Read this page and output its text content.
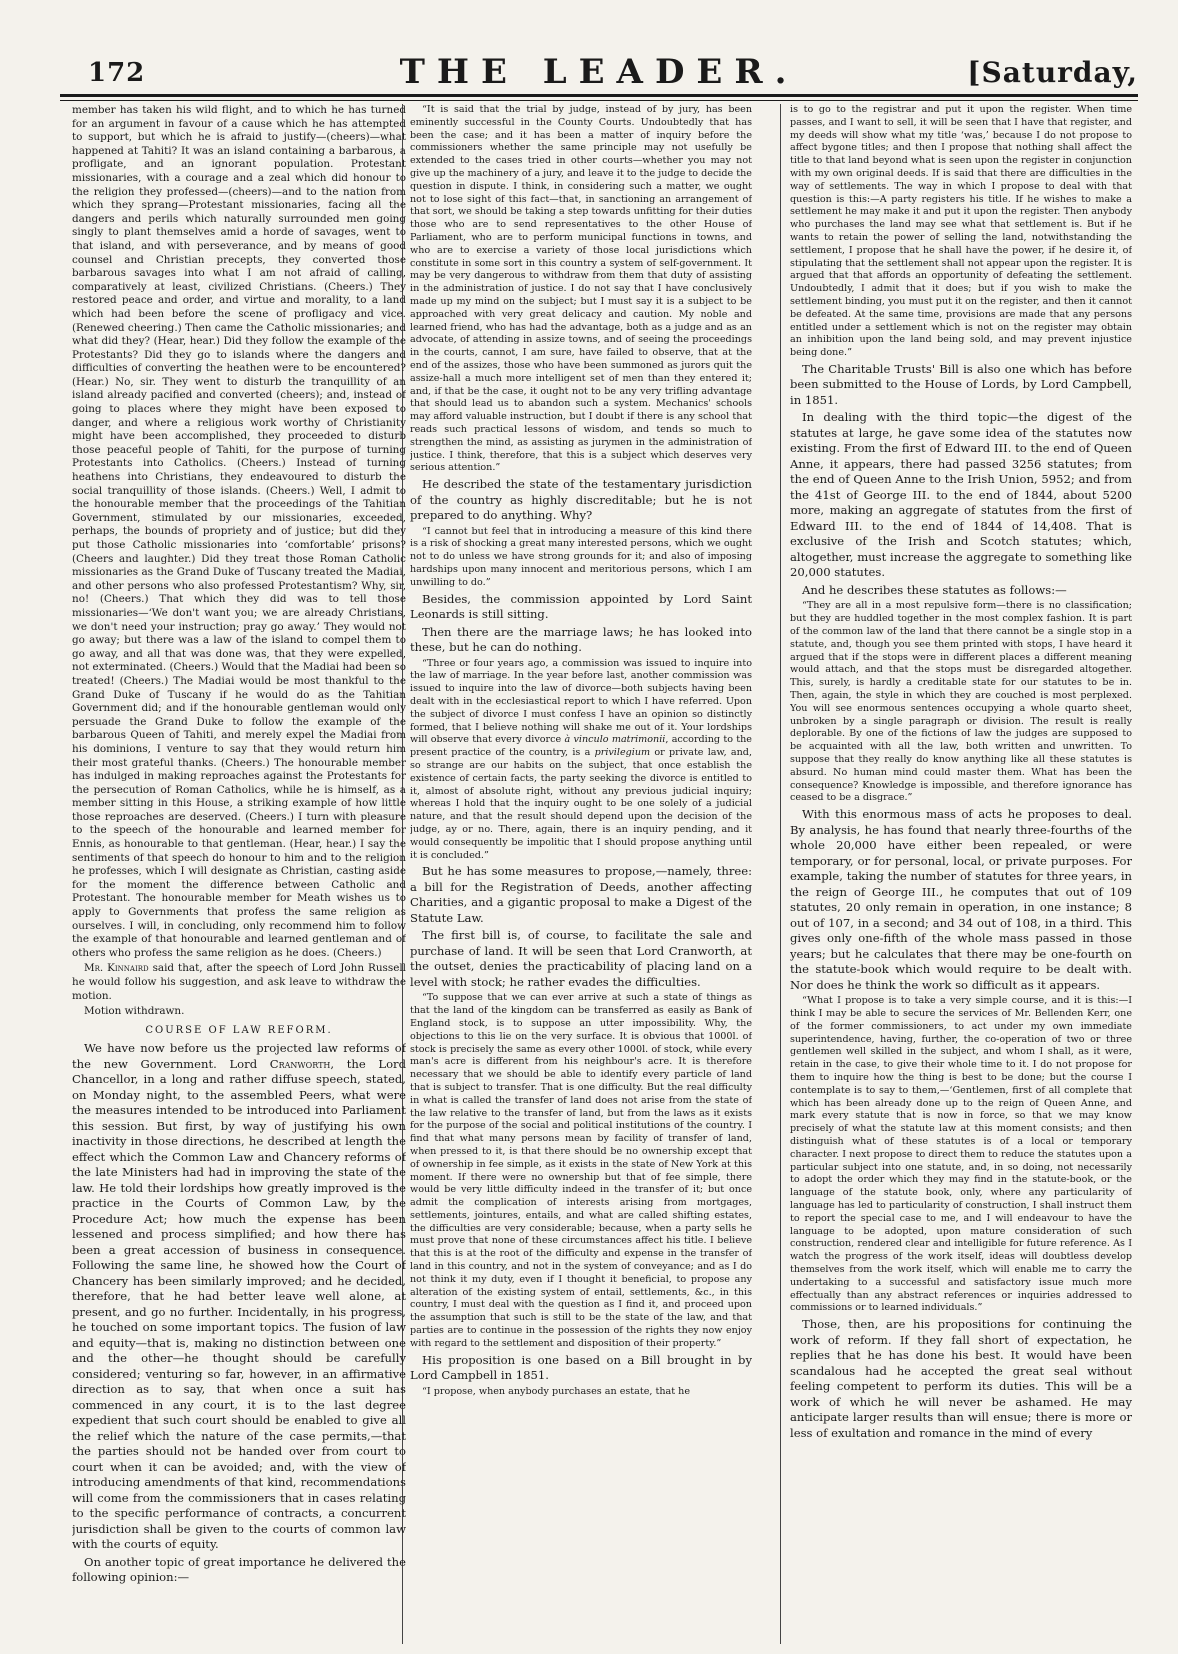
172	THE LEADER.	[Saturday,

member has taken his wild flight, and to which he has turned for an argument in favour of a cause which he has attempted to support, but which he is afraid to justify—(cheers)—what happened at Tahiti? It was an island containing a barbarous, a profligate, and an ignorant population. Protestant missionaries, with a courage and a zeal which did honour to the religion they professed—(cheers)—and to the nation from which they sprang—Protestant missionaries, facing all the dangers and perils which naturally surrounded men going singly to plant themselves amid a horde of savages, went to that island, and with perseverance, and by means of good counsel and Christian precepts, they converted those barbarous savages into what I am not afraid of calling, comparatively at least, civilized Christians. (Cheers.) They restored peace and order, and virtue and morality, to a land which had been before the scene of profligacy and vice. (Renewed cheering.) Then came the Catholic missionaries; and what did they? (Hear, hear.) Did they follow the example of the Protestants? Did they go to islands where the dangers and difficulties of converting the heathen were to be encountered? (Hear.) No, sir. They went to disturb the tranquillity of an island already pacified and converted (cheers); and, instead of going to places where they might have been exposed to danger, and where a religious work worthy of Christianity might have been accomplished, they proceeded to disturb those peaceful people of Tahiti, for the purpose of turning Protestants into Catholics. (Cheers.) Instead of turning heathens into Christians, they endeavoured to disturb the social tranquillity of those islands. (Cheers.) Well, I admit to the honourable member that the proceedings of the Tahitian Government, stimulated by our missionaries, exceeded, perhaps, the bounds of propriety and of justice; but did they put those Catholic missionaries into ‘comfortable’ prisons? (Cheers and laughter.) Did they treat those Roman Catholic missionaries as the Grand Duke of Tuscany treated the Madiai, and other persons who also professed Protestantism? Why, sir, no! (Cheers.) That which they did was to tell those missionaries—‘We don't want you; we are already Christians, we don't need your instruction; pray go away.’ They would not go away; but there was a law of the island to compel them to go away, and all that was done was, that they were expelled, not exterminated. (Cheers.) Would that the Madiai had been so treated! (Cheers.) The Madiai would be most thankful to the Grand Duke of Tuscany if he would do as the Tahitian Government did; and if the honourable gentleman would only persuade the Grand Duke to follow the example of the barbarous Queen of Tahiti, and merely expel the Madiai from his dominions, I venture to say that they would return him their most grateful thanks. (Cheers.) The honourable member has indulged in making reproaches against the Protestants for the persecution of Roman Catholics, while he is himself, as a member sitting in this House, a striking example of how little those reproaches are deserved. (Cheers.) I turn with pleasure to the speech of the honourable and learned member for Ennis, as honourable to that gentleman. (Hear, hear.) I say the sentiments of that speech do honour to him and to the religion he professes, which I will designate as Christian, casting aside for the moment the difference between Catholic and Protestant. The honourable member for Meath wishes us to apply to Governments that profess the same religion as ourselves. I will, in concluding, only recommend him to follow the example of that honourable and learned gentleman and of others who profess the same religion as he does. (Cheers.)

Mr. Kinnaird said that, after the speech of Lord John Russell he would follow his suggestion, and ask leave to withdraw the motion.

Motion withdrawn.

COURSE OF LAW REFORM.

We have now before us the projected law reforms of the new Government. Lord Cranworth, the Lord Chancellor, in a long and rather diffuse speech, stated, on Monday night, to the assembled Peers, what were the measures intended to be introduced into Parliament this session. But first, by way of justifying his own inactivity in those directions, he described at length the effect which the Common Law and Chancery reforms of the late Ministers had had in improving the state of the law. He told their lordships how greatly improved is the practice in the Courts of Common Law, by the Procedure Act; how much the expense has been lessened and process simplified; and how there has been a great accession of business in consequence. Following the same line, he showed how the Court of Chancery has been similarly improved; and he decided, therefore, that he had better leave well alone, at present, and go no further. Incidentally, in his progress, he touched on some important topics. The fusion of law and equity—that is, making no distinction between one and the other—he thought should be carefully considered; venturing so far, however, in an affirmative direction as to say, that when once a suit has commenced in any court, it is to the last degree expedient that such court should be enabled to give all the relief which the nature of the case permits,—that the parties should not be handed over from court to court when it can be avoided; and, with the view of introducing amendments of that kind, recommendations will come from the commissioners that in cases relating to the specific performance of contracts, a concurrent jurisdiction shall be given to the courts of common law with the courts of equity.

On another topic of great importance he delivered the following opinion:—

“It is said that the trial by judge, instead of by jury, has been eminently successful in the County Courts. Undoubtedly that has been the case; and it has been a matter of inquiry before the commissioners whether the same principle may not usefully be extended to the cases tried in other courts—whether you may not give up the machinery of a jury, and leave it to the judge to decide the question in dispute. I think, in considering such a matter, we ought not to lose sight of this fact—that, in sanctioning an arrangement of that sort, we should be taking a step towards unfitting for their duties those who are to send representatives to the other House of Parliament, who are to perform municipal functions in towns, and who are to exercise a variety of those local jurisdictions which constitute in some sort in this country a system of self-government. It may be very dangerous to withdraw from them that duty of assisting in the administration of justice. I do not say that I have conclusively made up my mind on the subject; but I must say it is a subject to be approached with very great delicacy and caution. My noble and learned friend, who has had the advantage, both as a judge and as an advocate, of attending in assize towns, and of seeing the proceedings in the courts, cannot, I am sure, have failed to observe, that at the end of the assizes, those who have been summoned as jurors quit the assize-hall a much more intelligent set of men than they entered it; and, if that be the case, it ought not to be any very trifling advantage that should lead us to abandon such a system. Mechanics' schools may afford valuable instruction, but I doubt if there is any school that reads such practical lessons of wisdom, and tends so much to strengthen the mind, as assisting as jurymen in the administration of justice. I think, therefore, that this is a subject which deserves very serious attention.”

He described the state of the testamentary jurisdiction of the country as highly discreditable; but he is not prepared to do anything. Why?

“I cannot but feel that in introducing a measure of this kind there is a risk of shocking a great many interested persons, which we ought not to do unless we have strong grounds for it; and also of imposing hardships upon many innocent and meritorious persons, which I am unwilling to do.”

Besides, the commission appointed by Lord Saint Leonards is still sitting.

Then there are the marriage laws; he has looked into these, but he can do nothing.

“Three or four years ago, a commission was issued to inquire into the law of marriage. In the year before last, another commission was issued to inquire into the law of divorce—both subjects having been dealt with in the ecclesiastical report to which I have referred. Upon the subject of divorce I must confess I have an opinion so distinctly formed, that I believe nothing will shake me out of it. Your lordships will observe that every divorce à vinculo matrimonii, according to the present practice of the country, is a privilegium or private law, and, so strange are our habits on the subject, that once establish the existence of certain facts, the party seeking the divorce is entitled to it, almost of absolute right, without any previous judicial inquiry; whereas I hold that the inquiry ought to be one solely of a judicial nature, and that the result should depend upon the decision of the judge, ay or no. There, again, there is an inquiry pending, and it would consequently be impolitic that I should propose anything until it is concluded.”

But he has some measures to propose,—namely, three: a bill for the Registration of Deeds, another affecting Charities, and a gigantic proposal to make a Digest of the Statute Law.

The first bill is, of course, to facilitate the sale and purchase of land. It will be seen that Lord Cranworth, at the outset, denies the practicability of placing land on a level with stock; he rather evades the difficulties.

“To suppose that we can ever arrive at such a state of things as that the land of the kingdom can be transferred as easily as Bank of England stock, is to suppose an utter impossibility. Why, the objections to this lie on the very surface. It is obvious that 1000l. of stock is precisely the same as every other 1000l. of stock, while every man's acre is different from his neighbour's acre. It is therefore necessary that we should be able to identify every particle of land that is subject to transfer. That is one difficulty. But the real difficulty in what is called the transfer of land does not arise from the state of the law relative to the transfer of land, but from the laws as it exists for the purpose of the social and political institutions of the country. I find that what many persons mean by facility of transfer of land, when pressed to it, is that there should be no ownership except that of ownership in fee simple, as it exists in the state of New York at this moment. If there were no ownership but that of fee simple, there would be very little difficulty indeed in the transfer of it; but once admit the complication of interests arising from mortgages, settlements, jointures, entails, and what are called shifting estates, the difficulties are very considerable; because, when a party sells he must prove that none of these circumstances affect his title. I believe that this is at the root of the difficulty and expense in the transfer of land in this country, and not in the system of conveyance; and as I do not think it my duty, even if I thought it beneficial, to propose any alteration of the existing system of entail, settlements, &c., in this country, I must deal with the question as I find it, and proceed upon the assumption that such is still to be the state of the law, and that parties are to continue in the possession of the rights they now enjoy with regard to the settlement and disposition of their property.”

His proposition is one based on a Bill brought in by Lord Campbell in 1851.

“I propose, when anybody purchases an estate, that he

is to go to the registrar and put it upon the register. When time passes, and I want to sell, it will be seen that I have that register, and my deeds will show what my title ‘was,’ because I do not propose to affect bygone titles; and then I propose that nothing shall affect the title to that land beyond what is seen upon the register in conjunction with my own original deeds. If is said that there are difficulties in the way of settlements. The way in which I propose to deal with that question is this:—A party registers his title. If he wishes to make a settlement he may make it and put it upon the register. Then anybody who purchases the land may see what that settlement is. But if he wants to retain the power of selling the land, notwithstanding the settlement, I propose that he shall have the power, if he desire it, of stipulating that the settlement shall not appear upon the register. It is argued that that affords an opportunity of defeating the settlement. Undoubtedly, I admit that it does; but if you wish to make the settlement binding, you must put it on the register, and then it cannot be defeated. At the same time, provisions are made that any persons entitled under a settlement which is not on the register may obtain an inhibition upon the land being sold, and may prevent injustice being done.”

The Charitable Trusts' Bill is also one which has before been submitted to the House of Lords, by Lord Campbell, in 1851.

In dealing with the third topic—the digest of the statutes at large, he gave some idea of the statutes now existing. From the first of Edward III. to the end of Queen Anne, it appears, there had passed 3256 statutes; from the end of Queen Anne to the Irish Union, 5952; and from the 41st of George III. to the end of 1844, about 5200 more, making an aggregate of statutes from the first of Edward III. to the end of 1844 of 14,408. That is exclusive of the Irish and Scotch statutes; which, altogether, must increase the aggregate to something like 20,000 statutes.

And he describes these statutes as follows:—

“They are all in a most repulsive form—there is no classification; but they are huddled together in the most complex fashion. It is part of the common law of the land that there cannot be a single stop in a statute, and, though you see them printed with stops, I have heard it argued that if the stops were in different places a different meaning would attach, and that the stops must be disregarded altogether. This, surely, is hardly a creditable state for our statutes to be in. Then, again, the style in which they are couched is most perplexed. You will see enormous sentences occupying a whole quarto sheet, unbroken by a single paragraph or division. The result is really deplorable. By one of the fictions of law the judges are supposed to be acquainted with all the law, both written and unwritten. To suppose that they really do know anything like all these statutes is absurd. No human mind could master them. What has been the consequence? Knowledge is impossible, and therefore ignorance has ceased to be a disgrace.”

With this enormous mass of acts he proposes to deal. By analysis, he has found that nearly three-fourths of the whole 20,000 have either been repealed, or were temporary, or for personal, local, or private purposes. For example, taking the number of statutes for three years, in the reign of George III., he computes that out of 109 statutes, 20 only remain in operation, in one instance; 8 out of 107, in a second; and 34 out of 108, in a third. This gives only one-fifth of the whole mass passed in those years; but he calculates that there may be one-fourth on the statute-book which would require to be dealt with. Nor does he think the work so difficult as it appears.

“What I propose is to take a very simple course, and it is this:—I think I may be able to secure the services of Mr. Bellenden Kerr, one of the former commissioners, to act under my own immediate superintendence, having, further, the co-operation of two or three gentlemen well skilled in the subject, and whom I shall, as it were, retain in the case, to give their whole time to it. I do not propose for them to inquire how the thing is best to be done; but the course I contemplate is to say to them,—‘Gentlemen, first of all complete that which has been already done up to the reign of Queen Anne, and mark every statute that is now in force, so that we may know precisely of what the statute law at this moment consists; and then distinguish what of these statutes is of a local or temporary character. I next propose to direct them to reduce the statutes upon a particular subject into one statute, and, in so doing, not necessarily to adopt the order which they may find in the statute-book, or the language of the statute book, only, where any particularity of language has led to particularity of construction, I shall instruct them to report the special case to me, and I will endeavour to have the language to be adopted, upon mature consideration of such construction, rendered clear and intelligible for future reference. As I watch the progress of the work itself, ideas will doubtless develop themselves from the work itself, which will enable me to carry the undertaking to a successful and satisfactory issue much more effectually than any abstract references or inquiries addressed to commissions or to learned individuals.”

Those, then, are his propositions for continuing the work of reform. If they fall short of expectation, he replies that he has done his best. It would have been scandalous had he accepted the great seal without feeling competent to perform its duties. This will be a work of which he will never be ashamed. He may anticipate larger results than will ensue; there is more or less of exultation and romance in the mind of every
